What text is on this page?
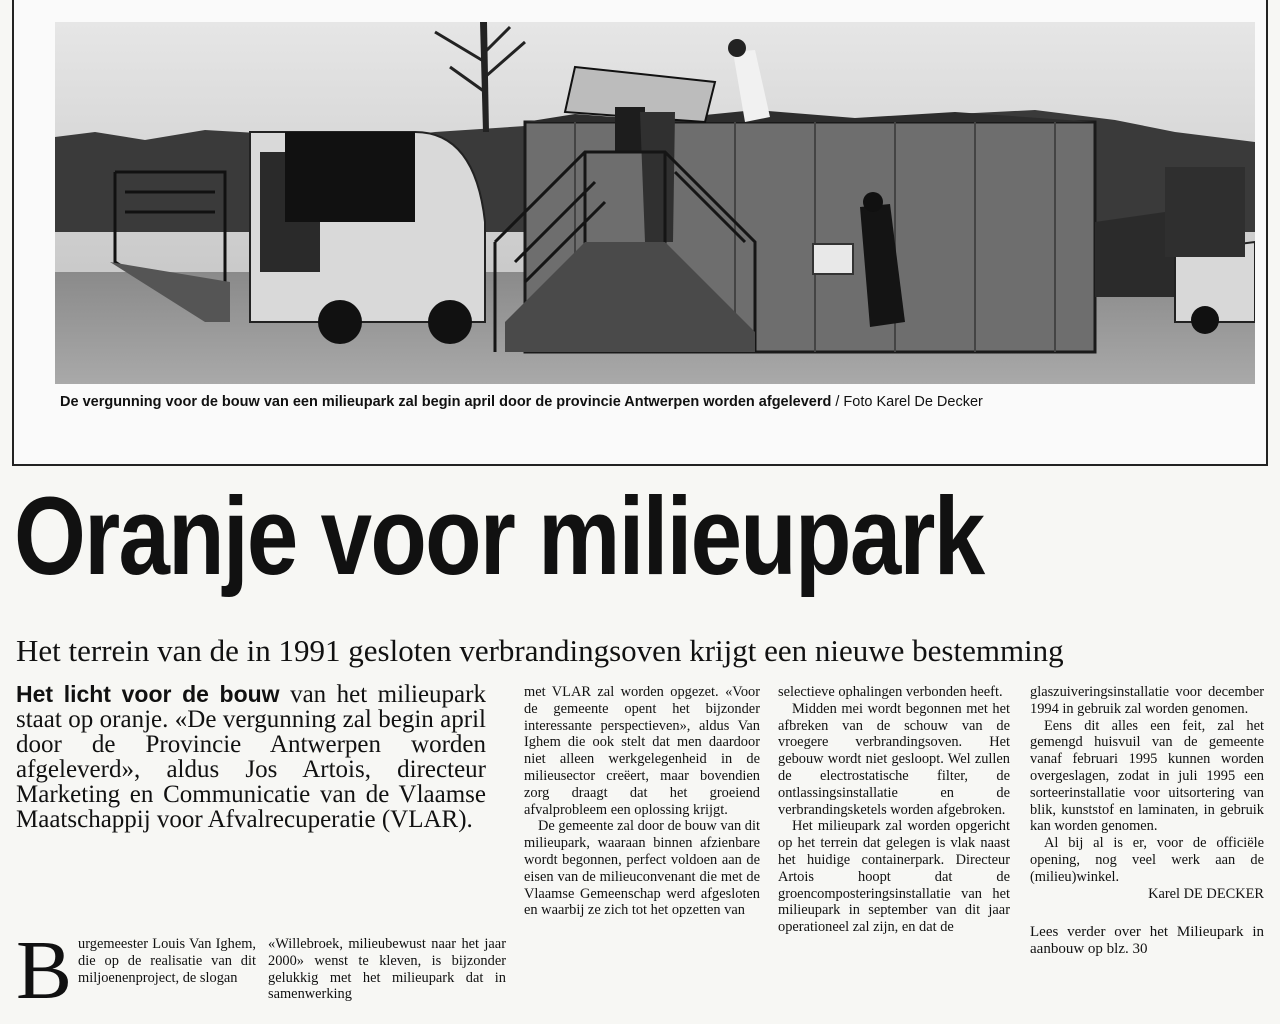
De vergunning voor de bouw van een milieupark zal begin april door de provincie Antwerpen worden afgeleverd / Foto Karel De Decker
Oranje voor milieupark
Het terrein van de in 1991 gesloten verbrandingsoven krijgt een nieuwe bestemming
Het licht voor de bouw van het milieupark staat op oranje. «De vergunning zal begin april door de Provincie Antwerpen worden afgeleverd», aldus Jos Artois, directeur Marketing en Communicatie van de Vlaamse Maatschappij voor Afvalrecuperatie (VLAR).

Burgemeester Louis Van Ighem, die op de realisatie van dit miljoenenproject, de slogan

«Willebroek, milieubewust naar het jaar 2000» wenst te kleven, is bijzonder gelukkig met het milieupark dat in samenwerking

met VLAR zal worden opgezet. «Voor de gemeente opent het bijzonder interessante perspectieven», aldus Van Ighem die ook stelt dat men daardoor niet alleen werkgelegenheid in de milieusector creëert, maar bovendien zorg draagt dat het groeiend afvalprobleem een oplossing krijgt.

De gemeente zal door de bouw van dit milieupark, waaraan binnen afzienbare wordt begonnen, perfect voldoen aan de eisen van de milieuconvenant die met de Vlaamse Gemeenschap werd afgesloten en waarbij ze zich tot het opzetten van

selectieve ophalingen verbonden heeft.

Midden mei wordt begonnen met het afbreken van de schouw van de vroegere verbrandingsoven. Het gebouw wordt niet gesloopt. Wel zullen de electrostatische filter, de ontlassingsinstallatie en de verbrandingsketels worden afgebroken.

Het milieupark zal worden opgericht op het terrein dat gelegen is vlak naast het huidige containerpark. Directeur Artois hoopt dat de groencomposteringsinstallatie van het milieupark in september van dit jaar operationeel zal zijn, en dat de

glaszuiveringsinstallatie voor december 1994 in gebruik zal worden genomen.

Eens dit alles een feit, zal het gemengd huisvuil van de gemeente vanaf februari 1995 kunnen worden overgeslagen, zodat in juli 1995 een sorteerinstallatie voor uitsortering van blik, kunststof en laminaten, in gebruik kan worden genomen.

Al bij al is er, voor de officiële opening, nog veel werk aan de (milieu)winkel.

Karel DE DECKER

Lees verder over het Milieupark in aanbouw op blz. 30
